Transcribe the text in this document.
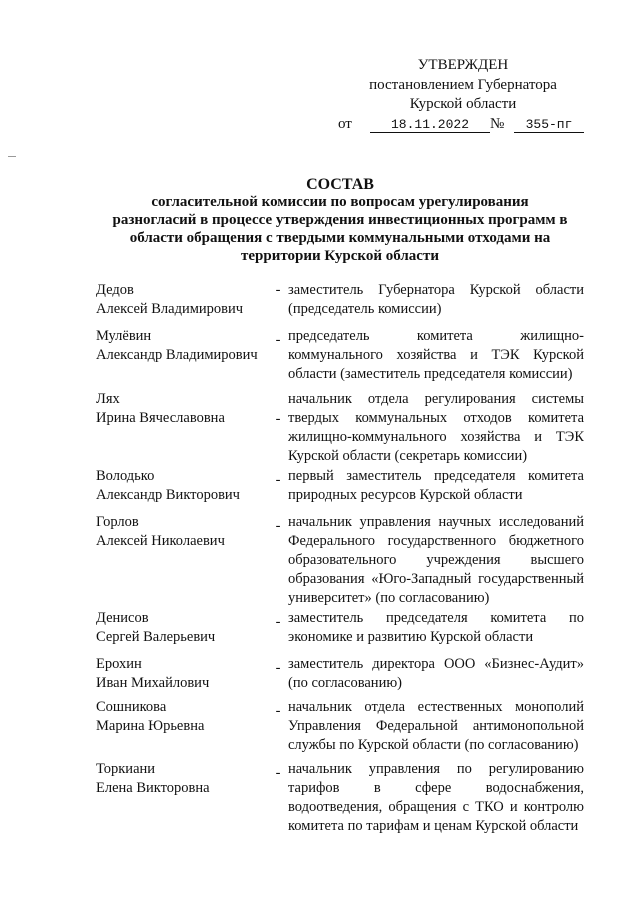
УТВЕРЖДЕН
постановлением Губернатора
Курской области
от	18.11.2022	№	355-пг
СОСТАВ
согласительной комиссии по вопросам урегулирования
разногласий в процессе утверждения инвестиционных программ в
области обращения с твердыми коммунальными отходами на
территории Курской области
Дедов
Алексей Владимирович
- заместитель Губернатора Курской области
(председатель комиссии)
Мулёвин
Александр Владимирович
- председатель комитета жилищно-
коммунального хозяйства и ТЭК Курской
области (заместитель председателя комиссии)
Лях
Ирина Вячеславовна	-
начальник отдела регулирования системы
твердых коммунальных отходов комитета
жилищно-коммунального хозяйства и ТЭК
Курской области (секретарь комиссии)
Володько
Александр Викторович
- первый заместитель председателя комитета
природных ресурсов Курской области
Горлов
Алексей Николаевич
- начальник управления научных исследований
Федерального государственного бюджетного
образовательного учреждения высшего
образования «Юго-Западный государственный
университет» (по согласованию)
Денисов
Сергей Валерьевич
- заместитель председателя комитета по
экономике и развитию Курской области
Ерохин
Иван Михайлович
- заместитель директора ООО «Бизнес-Аудит»
(по согласованию)
Сошникова
Марина Юрьевна
- начальник отдела естественных монополий
Управления Федеральной антимонопольной
службы по Курской области (по согласованию)
Торкиани
Елена Викторовна
- начальник управления по регулированию
тарифов в сфере водоснабжения,
водоотведения, обращения с ТКО и контролю
комитета по тарифам и ценам Курской области
